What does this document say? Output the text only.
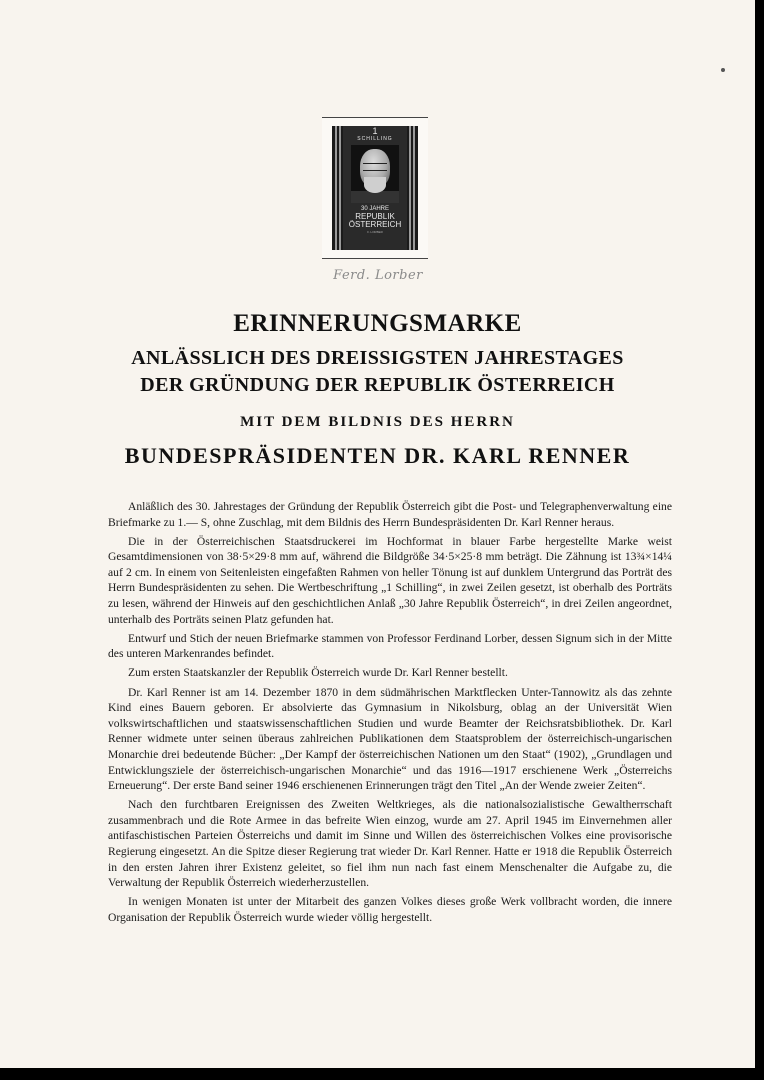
1
SCHILLING
30 JAHRE
REPUBLIK
ÖSTERREICH
F. LORBER
Ferd. Lorber
ERINNERUNGSMARKE
ANLÄSSLICH DES DREISSIGSTEN JAHRESTAGES
DER GRÜNDUNG DER REPUBLIK ÖSTERREICH
MIT DEM BILDNIS DES HERRN
BUNDESPRÄSIDENTEN DR. KARL RENNER

Anläßlich des 30. Jahrestages der Gründung der Republik Österreich gibt die Post- und Telegraphenverwaltung eine Briefmarke zu 1.— S, ohne Zuschlag, mit dem Bildnis des Herrn Bundespräsidenten Dr. Karl Renner heraus.

Die in der Österreichischen Staatsdruckerei im Hochformat in blauer Farbe hergestellte Marke weist Gesamtdimensionen von 38·5×29·8 mm auf, während die Bildgröße 34·5×25·8 mm beträgt. Die Zähnung ist 13¾×14¼ auf 2 cm. In einem von Seitenleisten eingefaßten Rahmen von heller Tönung ist auf dunklem Untergrund das Porträt des Herrn Bundespräsidenten zu sehen. Die Wertbeschriftung „1 Schilling“, in zwei Zeilen gesetzt, ist oberhalb des Porträts zu lesen, während der Hinweis auf den geschichtlichen Anlaß „30 Jahre Republik Österreich“, in drei Zeilen angeordnet, unterhalb des Porträts seinen Platz gefunden hat.

Entwurf und Stich der neuen Briefmarke stammen von Professor Ferdinand Lorber, dessen Signum sich in der Mitte des unteren Markenrandes befindet.

Zum ersten Staatskanzler der Republik Österreich wurde Dr. Karl Renner bestellt.

Dr. Karl Renner ist am 14. Dezember 1870 in dem südmährischen Marktflecken Unter-Tannowitz als das zehnte Kind eines Bauern geboren. Er absolvierte das Gymnasium in Nikolsburg, oblag an der Universität Wien volkswirtschaftlichen und staatswissenschaftlichen Studien und wurde Beamter der Reichsratsbibliothek. Dr. Karl Renner widmete unter seinen überaus zahlreichen Publikationen dem Staatsproblem der österreichisch-ungarischen Monarchie drei bedeutende Bücher: „Der Kampf der österreichischen Nationen um den Staat“ (1902), „Grundlagen und Entwicklungsziele der österreichisch-ungarischen Monarchie“ und das 1916—1917 erschienene Werk „Österreichs Erneuerung“. Der erste Band seiner 1946 erschienenen Erinnerungen trägt den Titel „An der Wende zweier Zeiten“.

Nach den furchtbaren Ereignissen des Zweiten Weltkrieges, als die nationalsozialistische Gewaltherrschaft zusammenbrach und die Rote Armee in das befreite Wien einzog, wurde am 27. April 1945 im Einvernehmen aller antifaschistischen Parteien Österreichs und damit im Sinne und Willen des österreichischen Volkes eine provisorische Regierung eingesetzt. An die Spitze dieser Regierung trat wieder Dr. Karl Renner. Hatte er 1918 die Republik Österreich in den ersten Jahren ihrer Existenz geleitet, so fiel ihm nun nach fast einem Menschenalter die Aufgabe zu, die Verwaltung der Republik Österreich wiederherzustellen.

In wenigen Monaten ist unter der Mitarbeit des ganzen Volkes dieses große Werk vollbracht worden, die innere Organisation der Republik Österreich wurde wieder völlig hergestellt.
